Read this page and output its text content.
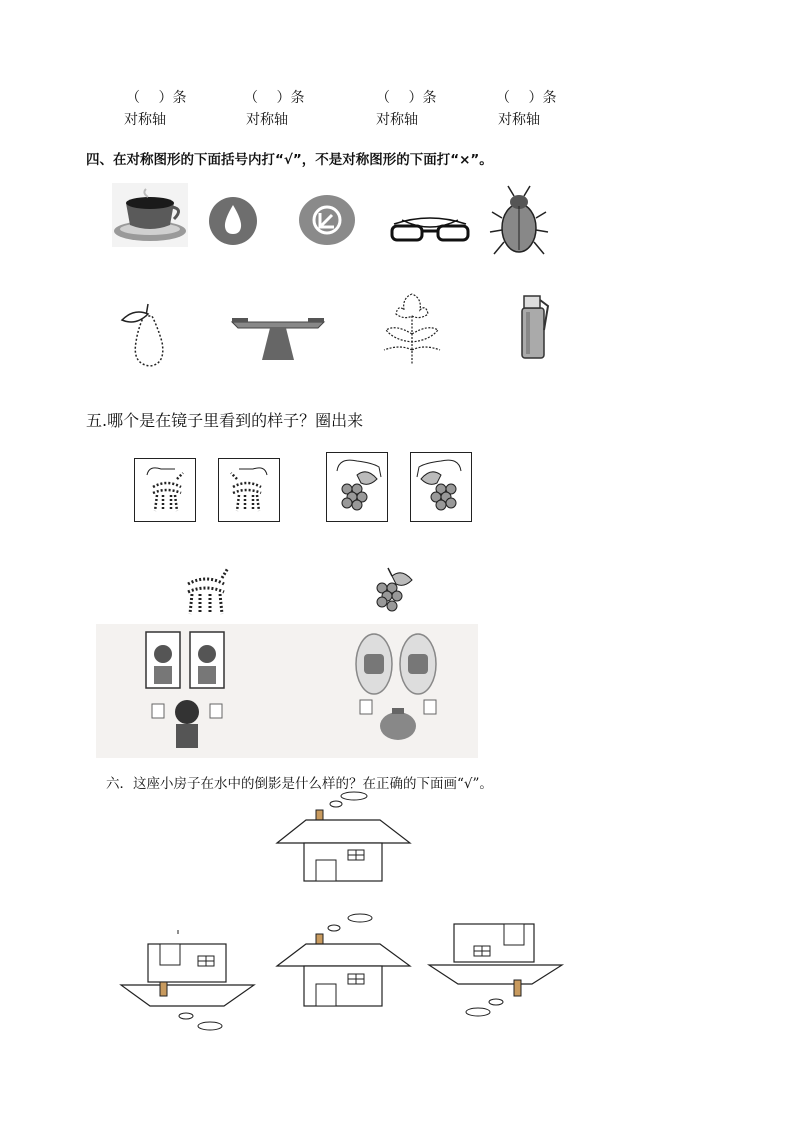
（　 ）条	（　 ）条	（　 ）条	（　 ）条
对称轴	对称轴	对称轴	对称轴
四、在对称图形的下面括号内打“√”，不是对称图形的下面打“×”。
五.哪个是在镜子里看到的样子？圈出来
六．这座小房子在水中的倒影是什么样的？在正确的下面画“√”。
